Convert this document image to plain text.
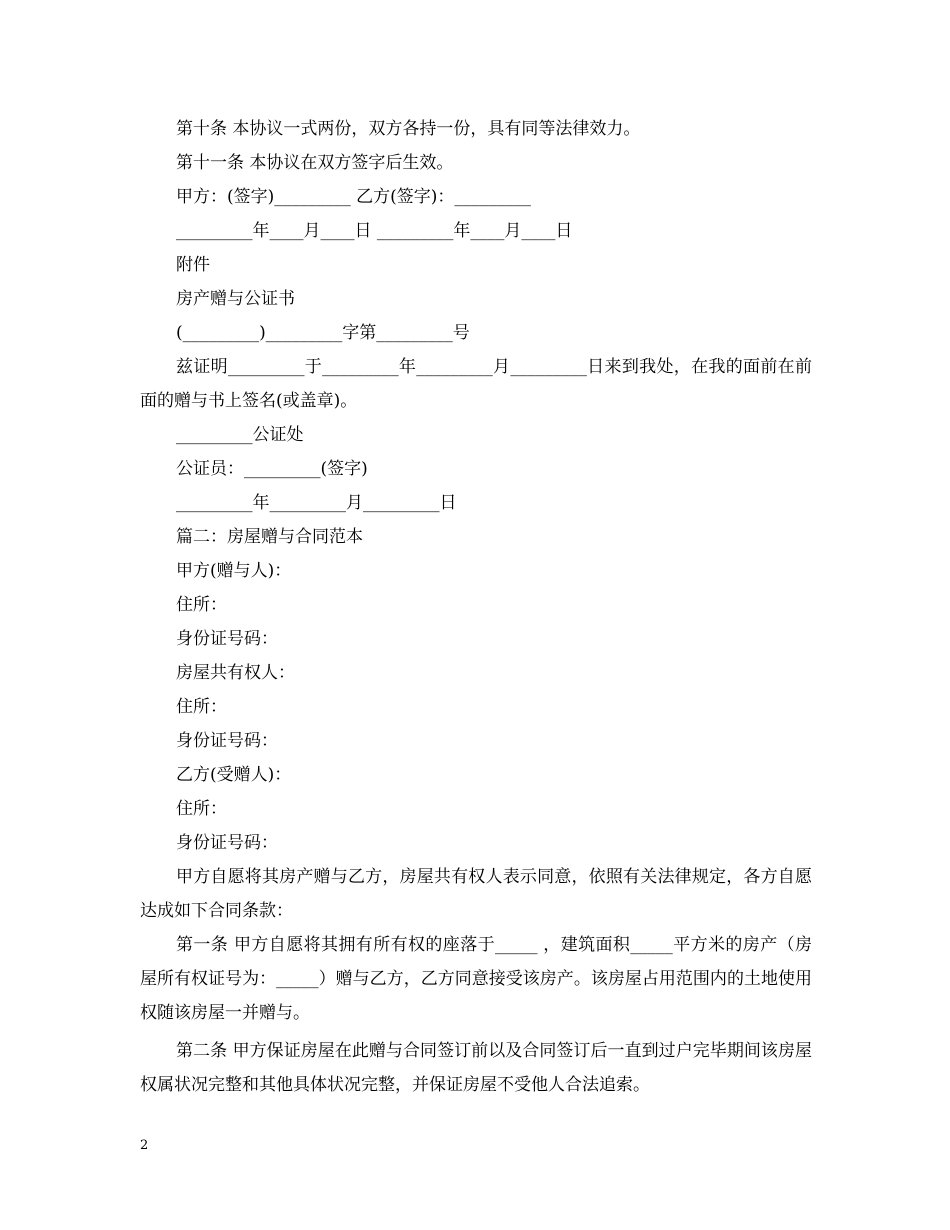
第十条 本协议一式两份，双方各持一份，具有同等法律效力。
第十一条 本协议在双方签字后生效。
甲方：(签字)_________ 乙方(签字)：_________
_________年____月____日 _________年____月____日
附件
房产赠与公证书
(_________)_________字第_________号
兹证明_________于_________年_________月_________日来到我处，在我的面前在前面的赠与书上签名(或盖章)。
_________公证处
公证员：_________(签字)
_________年_________月_________日
篇二：房屋赠与合同范本
甲方(赠与人)：
住所：
身份证号码：
房屋共有权人：
住所：
身份证号码：
乙方(受赠人)：
住所：
身份证号码：
甲方自愿将其房产赠与乙方，房屋共有权人表示同意，依照有关法律规定，各方自愿达成如下合同条款：
第一条 甲方自愿将其拥有所有权的座落于_____ ，建筑面积_____平方米的房产（房屋所有权证号为：_____）赠与乙方，乙方同意接受该房产。该房屋占用范围内的土地使用权随该房屋一并赠与。
第二条 甲方保证房屋在此赠与合同签订前以及合同签订后一直到过户完毕期间该房屋权属状况完整和其他具体状况完整，并保证房屋不受他人合法追索。
2
